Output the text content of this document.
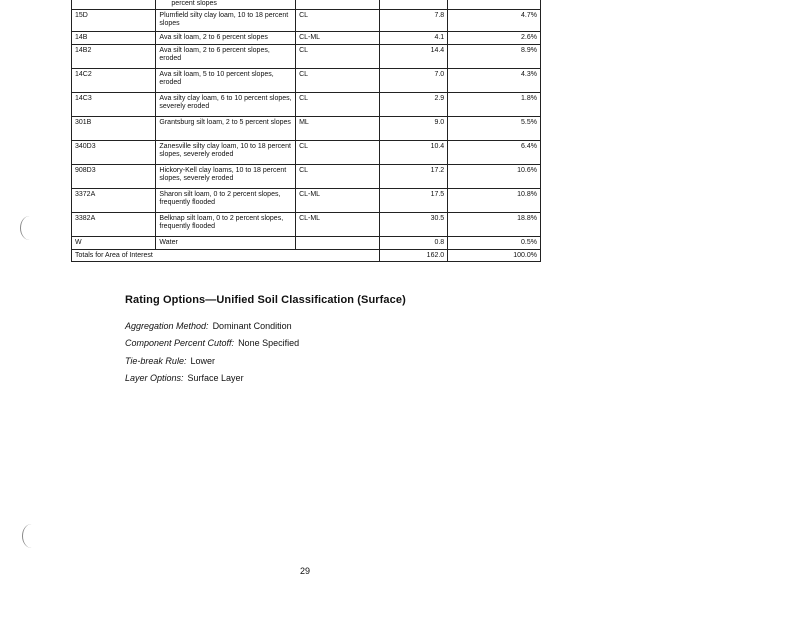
	percent slopes			

15D	Plumfield silty clay loam, 10 to 18 percent slopes	CL	7.8	4.7%
14B	Ava silt loam, 2 to 6 percent slopes	CL-ML	4.1	2.6%
14B2	Ava silt loam, 2 to 6 percent slopes, eroded	CL	14.4	8.9%
14C2	Ava silt loam, 5 to 10 percent slopes, eroded	CL	7.0	4.3%
14C3	Ava silty clay loam, 6 to 10 percent slopes, severely eroded	CL	2.9	1.8%
301B	Grantsburg silt loam, 2 to 5 percent slopes	ML	9.0	5.5%
340D3	Zanesville silty clay loam, 10 to 18 percent slopes, severely eroded	CL	10.4	6.4%
908D3	Hickory-Kell clay loams, 10 to 18 percent slopes, severely eroded	CL	17.2	10.6%
3372A	Sharon silt loam, 0 to 2 percent slopes, frequently flooded	CL-ML	17.5	10.8%
3382A	Belknap silt loam, 0 to 2 percent slopes, frequently flooded	CL-ML	30.5	18.8%
W	Water		0.8	0.5%
Totals for Area of Interest			162.0	100.0%
Rating Options—Unified Soil Classification (Surface)
Aggregation Method: Dominant Condition
Component Percent Cutoff: None Specified
Tie-break Rule: Lower
Layer Options: Surface Layer
29
